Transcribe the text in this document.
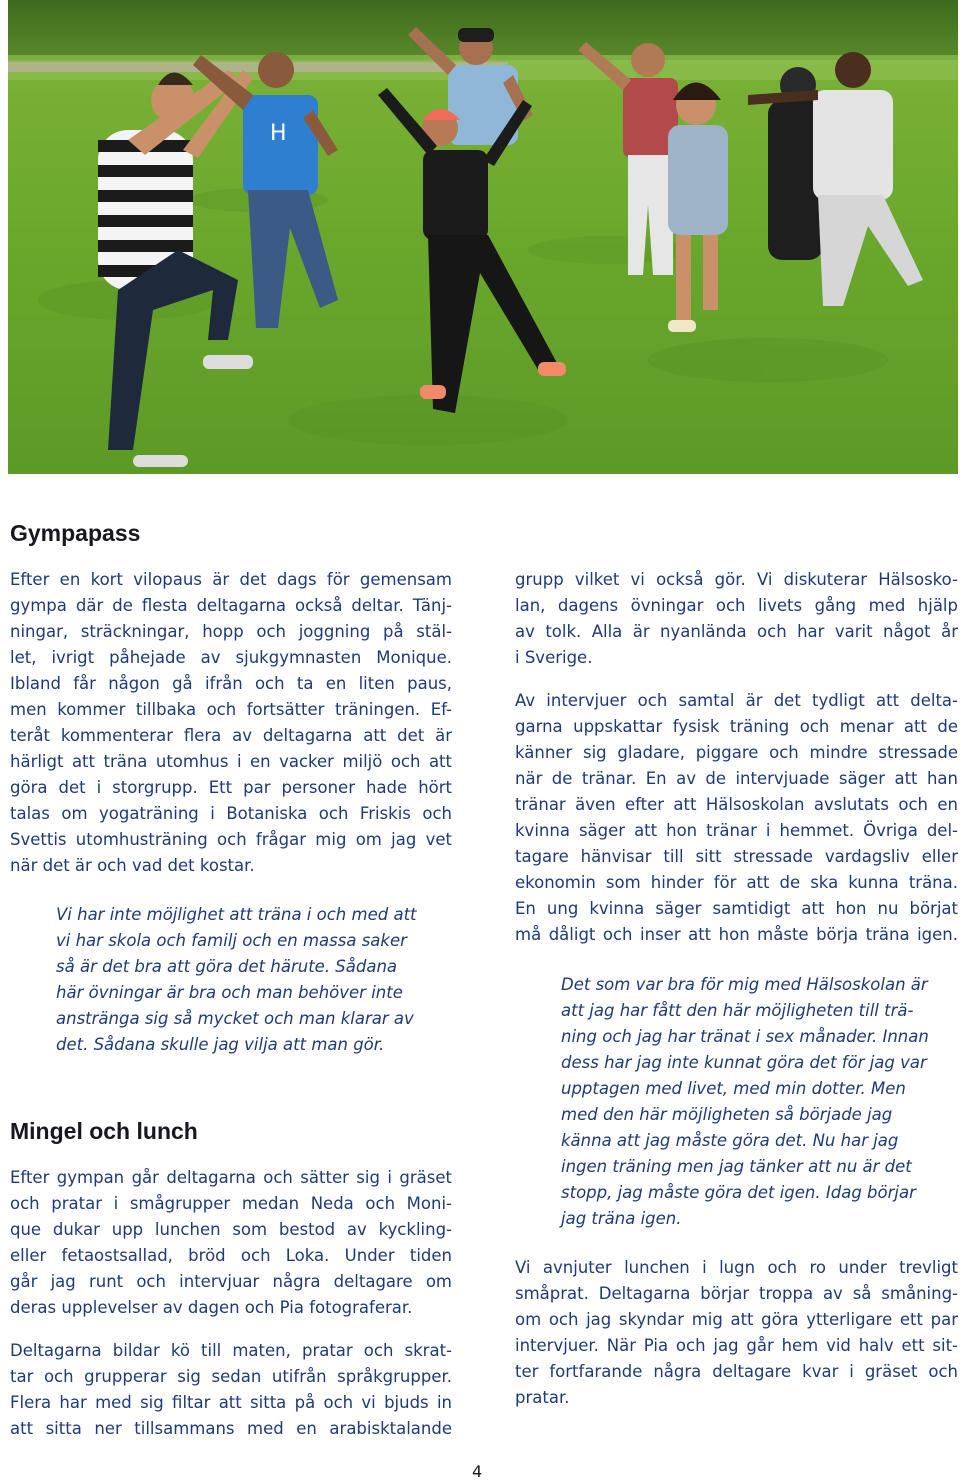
H
Gympapass

Efter en kort vilopaus är det dags för gemensam
gympa där de flesta deltagarna också deltar. Tänj-
ningar, sträckningar, hopp och joggning på stäl-
let, ivrigt påhejade av sjukgymnasten Monique.
Ibland får någon gå ifrån och ta en liten paus,
men kommer tillbaka och fortsätter träningen. Ef-
teråt kommenterar flera av deltagarna att det är
härligt att träna utomhus i en vacker miljö och att
göra det i storgrupp. Ett par personer hade hört
talas om yogaträning i Botaniska och Friskis och
Svettis utomhusträning och frågar mig om jag vet
när det är och vad det kostar.

Vi har inte möjlighet att träna i och med att
vi har skola och familj och en massa saker
så är det bra att göra det härute. Sådana
här övningar är bra och man behöver inte
anstränga sig så mycket och man klarar av
det. Sådana skulle jag vilja att man gör.
Mingel och lunch

Efter gympan går deltagarna och sätter sig i gräset
och pratar i smågrupper medan Neda och Moni-
que dukar upp lunchen som bestod av kyckling-
eller fetaostsallad, bröd och Loka. Under tiden
går jag runt och intervjuar några deltagare om
deras upplevelser av dagen och Pia fotograferar.

Deltagarna bildar kö till maten, pratar och skrat-
tar och grupperar sig sedan utifrån språkgrupper.
Flera har med sig filtar att sitta på och vi bjuds in
att sitta ner tillsammans med en arabisktalande

grupp vilket vi också gör. Vi diskuterar Hälsosko-
lan, dagens övningar och livets gång med hjälp
av tolk. Alla är nyanlända och har varit något år
i Sverige.

Av intervjuer och samtal är det tydligt att delta-
garna uppskattar fysisk träning och menar att de
känner sig gladare, piggare och mindre stressade
när de tränar. En av de intervjuade säger att han
tränar även efter att Hälsoskolan avslutats och en
kvinna säger att hon tränar i hemmet. Övriga del-
tagare hänvisar till sitt stressade vardagsliv eller
ekonomin som hinder för att de ska kunna träna.
En ung kvinna säger samtidigt att hon nu börjat
må dåligt och inser att hon måste börja träna igen.

Det som var bra för mig med Hälsoskolan är
att jag har fått den här möjligheten till trä-
ning och jag har tränat i sex månader. Innan
dess har jag inte kunnat göra det för jag var
upptagen med livet, med min dotter. Men
med den här möjligheten så började jag
känna att jag måste göra det. Nu har jag
ingen träning men jag tänker att nu är det
stopp, jag måste göra det igen. Idag börjar
jag träna igen.

Vi avnjuter lunchen i lugn och ro under trevligt
småprat. Deltagarna börjar troppa av så småning-
om och jag skyndar mig att göra ytterligare ett par
intervjuer. När Pia och jag går hem vid halv ett sit-
ter fortfarande några deltagare kvar i gräset och
pratar.

4
